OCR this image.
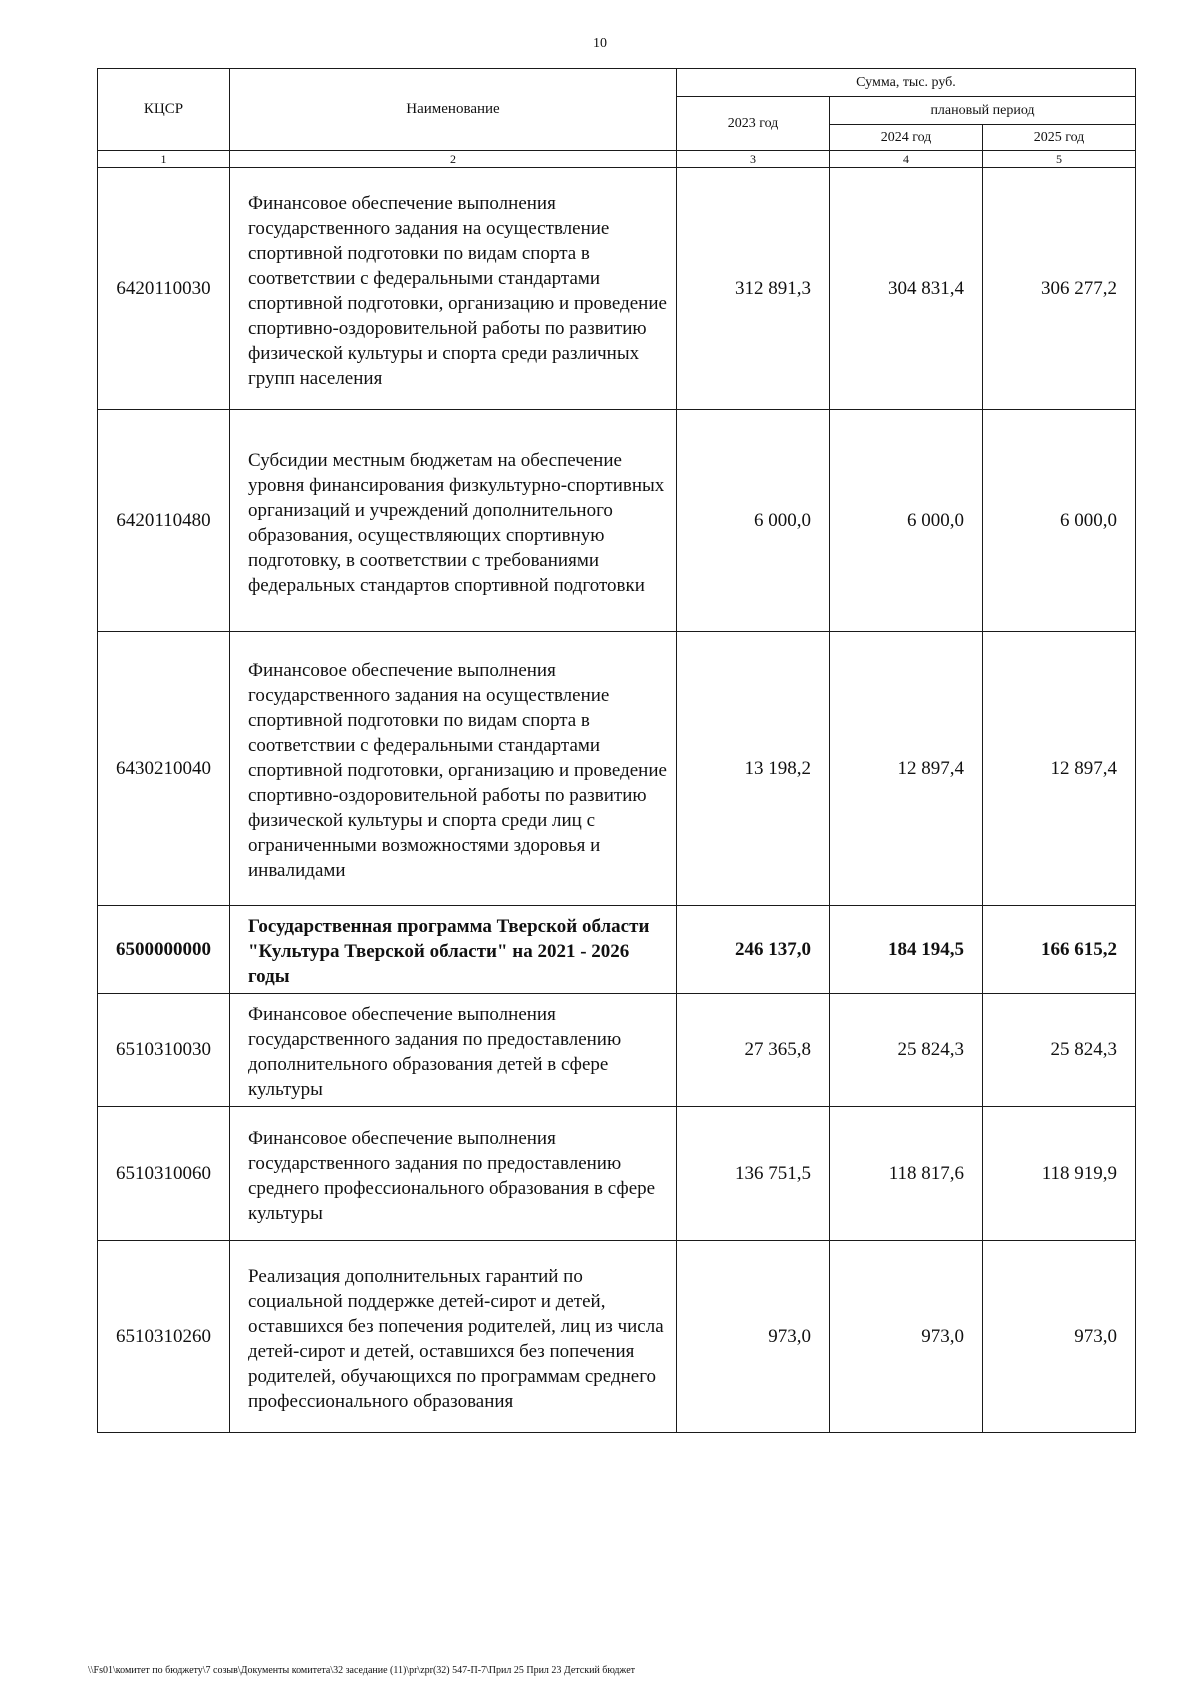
10
КЦСР	Наименование	Сумма, тыс. руб.		
		2023 год	плановый период	
			2024 год	2025 год
1	2	3	4	5
6420110030	Финансовое обеспечение выполнения государственного задания на осуществление спортивной подготовки по видам спорта в соответствии с федеральными стандартами спортивной подготовки, организацию и проведение спортивно-оздоровительной работы по развитию физической культуры и спорта среди различных групп населения	312 891,3	304 831,4	306 277,2
6420110480	Субсидии местным бюджетам на обеспечение уровня финансирования физкультурно-спортивных организаций и учреждений дополнительного образования, осуществляющих спортивную подготовку, в соответствии с требованиями федеральных стандартов спортивной подготовки	6 000,0	6 000,0	6 000,0
6430210040	Финансовое обеспечение выполнения государственного задания на осуществление спортивной подготовки по видам спорта в соответствии с федеральными стандартами спортивной подготовки, организацию и проведение спортивно-оздоровительной работы по развитию физической культуры и спорта среди лиц с ограниченными возможностями здоровья и инвалидами	13 198,2	12 897,4	12 897,4
6500000000	Государственная программа Тверской области "Культура Тверской области" на 2021 - 2026 годы	246 137,0	184 194,5	166 615,2
6510310030	Финансовое обеспечение выполнения государственного задания по предоставлению дополнительного образования детей в сфере культуры	27 365,8	25 824,3	25 824,3
6510310060	Финансовое обеспечение выполнения государственного задания по предоставлению среднего профессионального образования в сфере культуры	136 751,5	118 817,6	118 919,9
6510310260	Реализация дополнительных гарантий по социальной поддержке детей-сирот и детей, оставшихся без попечения родителей, лиц из числа детей-сирот и детей, оставшихся без попечения родителей, обучающихся по программам среднего профессионального образования	973,0	973,0	973,0
\\Fs01\комитет по бюджету\7 созыв\Документы комитета\32 заседание (11)\pr\zpr(32) 547-П-7\Прил 25 Прил 23 Детский бюджет
